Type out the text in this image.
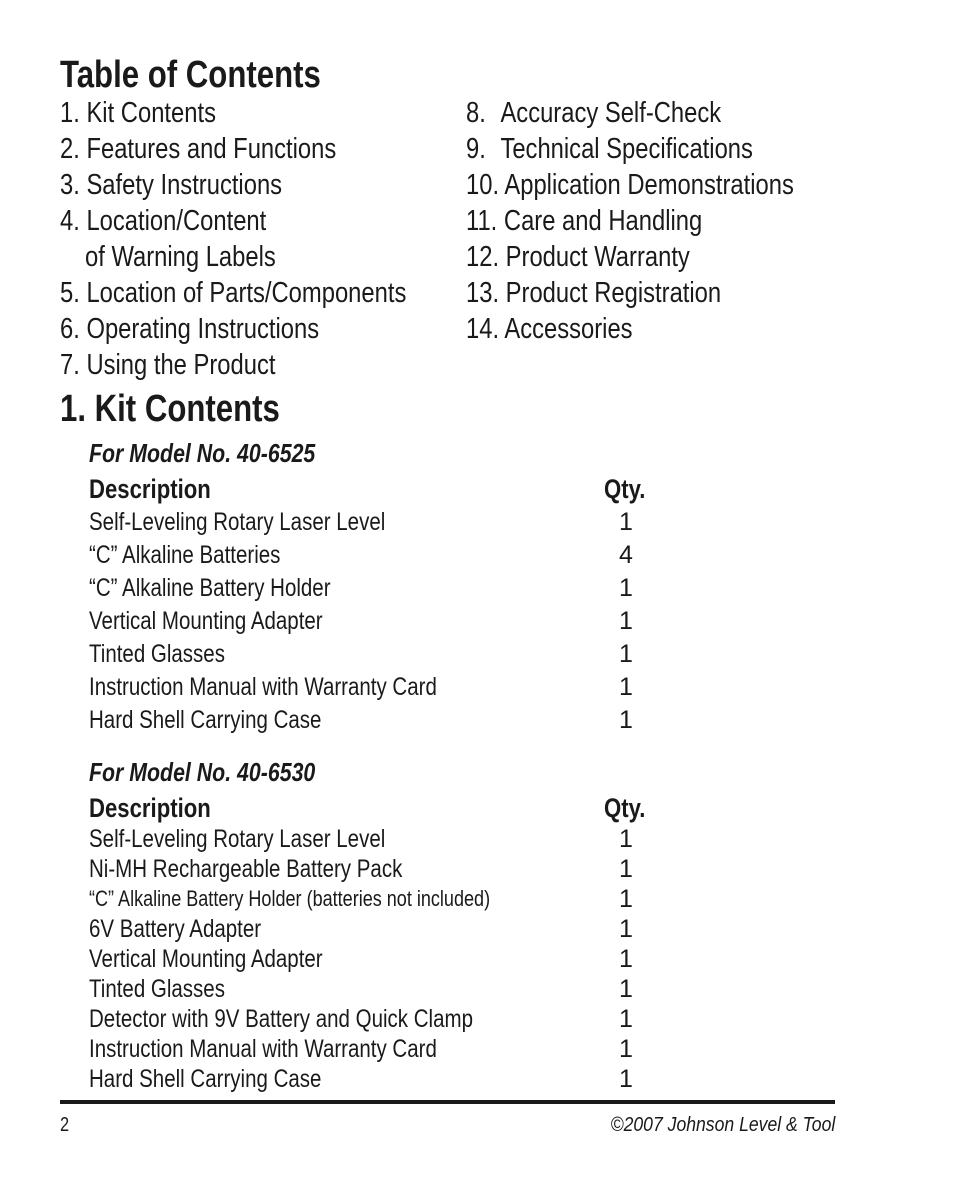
Table of Contents
1. Kit Contents
2. Features and Functions
3. Safety Instructions
4. Location/Content
of Warning Labels
5. Location of Parts/Components
6. Operating Instructions
7. Using the Product
8. Accuracy Self-Check
9. Technical Specifications
10. Application Demonstrations
11. Care and Handling
12. Product Warranty
13. Product Registration
14. Accessories
1. Kit Contents
For Model No. 40-6525
Description	Qty.
Self-Leveling Rotary Laser Level	1
“C” Alkaline Batteries	4
“C” Alkaline Battery Holder	1
Vertical Mounting Adapter	1
Tinted Glasses	1
Instruction Manual with Warranty Card	1
Hard Shell Carrying Case	1
For Model No. 40-6530
Description	Qty.
Self-Leveling Rotary Laser Level	1
Ni-MH Rechargeable Battery Pack	1
“C” Alkaline Battery Holder (batteries not included)	1
6V Battery Adapter	1
Vertical Mounting Adapter	1
Tinted Glasses	1
Detector with 9V Battery and Quick Clamp	1
Instruction Manual with Warranty Card	1
Hard Shell Carrying Case	1
2	©2007 Johnson Level & Tool
